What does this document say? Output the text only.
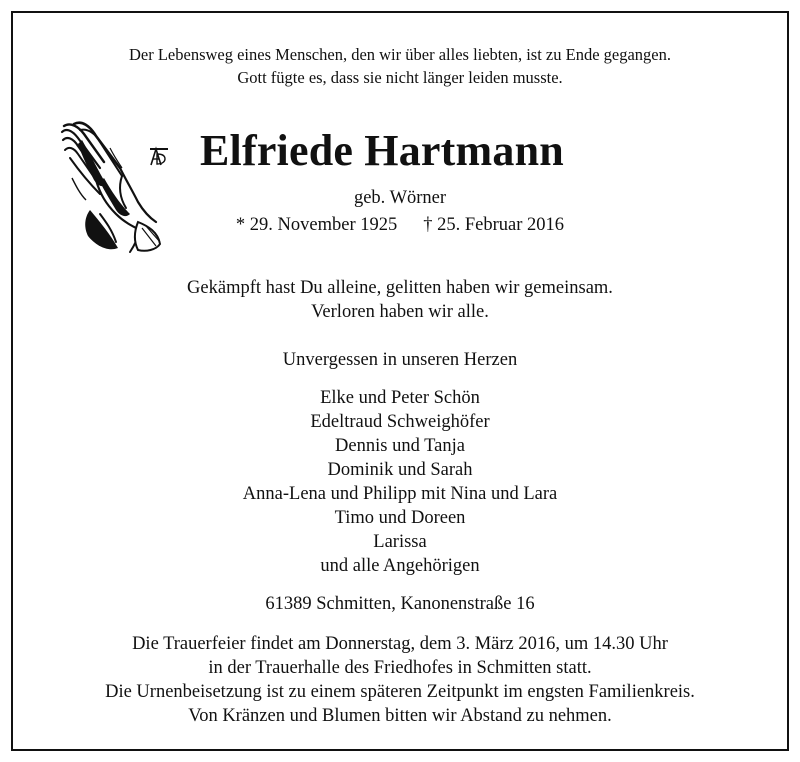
Der Lebensweg eines Menschen, den wir über alles liebten, ist zu Ende gegangen.
Gott fügte es, dass sie nicht länger leiden musste.
Elfriede Hartmann
geb. Wörner
* 29. November 1925 † 25. Februar 2016
Gekämpft hast Du alleine, gelitten haben wir gemeinsam.
Verloren haben wir alle.
Unvergessen in unseren Herzen
Elke und Peter Schön
Edeltraud Schweighöfer
Dennis und Tanja
Dominik und Sarah
Anna-Lena und Philipp mit Nina und Lara
Timo und Doreen
Larissa
und alle Angehörigen
61389 Schmitten, Kanonenstraße 16
Die Trauerfeier findet am Donnerstag, dem 3. März 2016, um 14.30 Uhr
in der Trauerhalle des Friedhofes in Schmitten statt.
Die Urnenbeisetzung ist zu einem späteren Zeitpunkt im engsten Familienkreis.
Von Kränzen und Blumen bitten wir Abstand zu nehmen.
